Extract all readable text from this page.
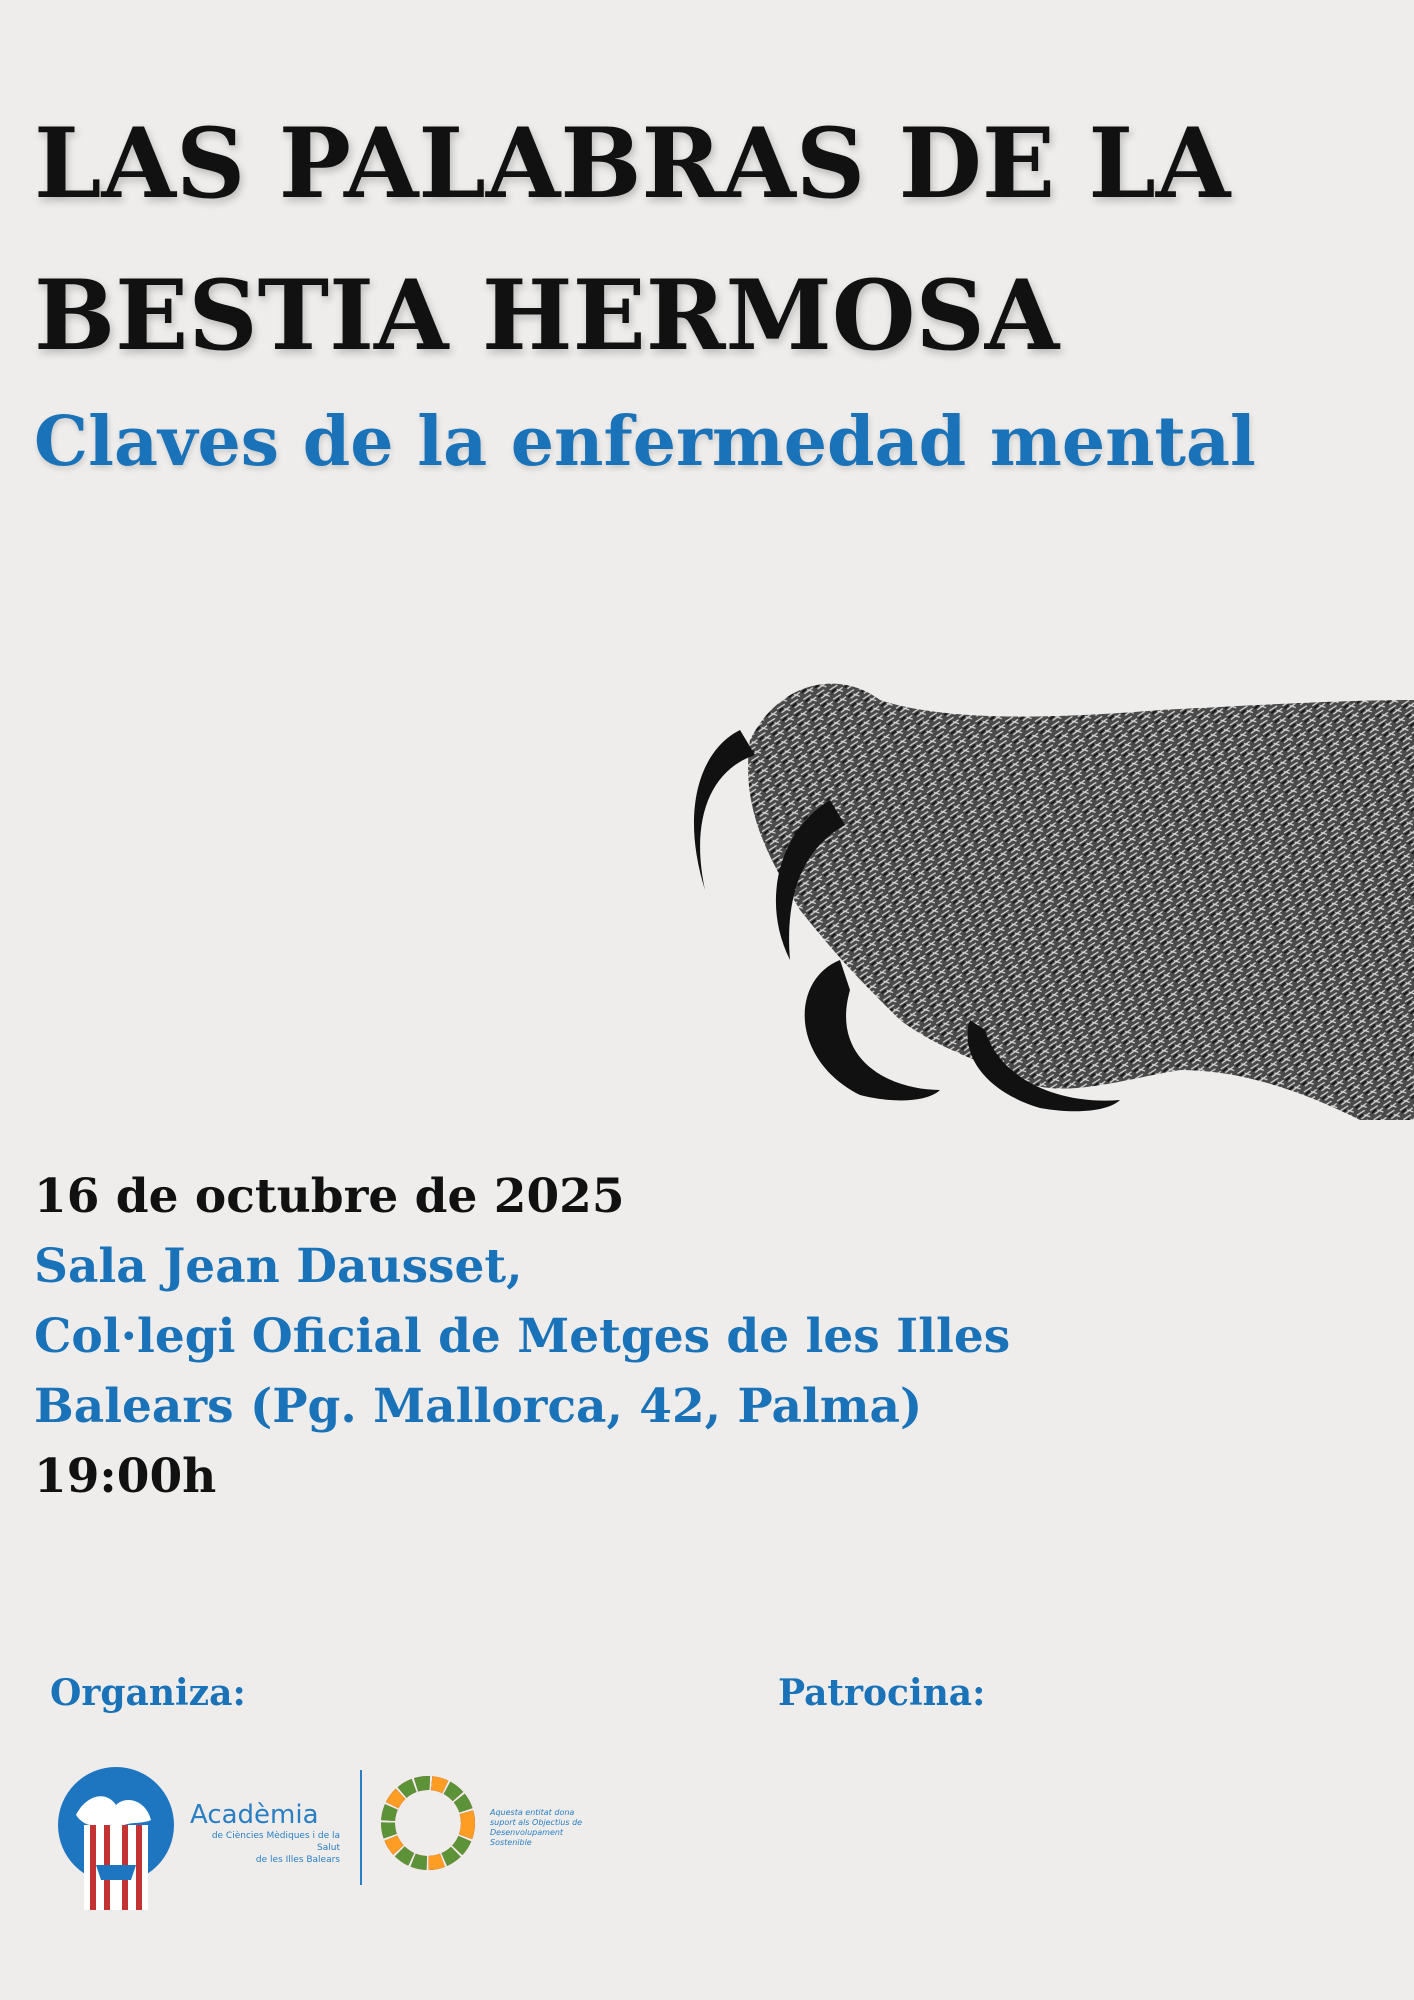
LAS PALABRAS DE LA
BESTIA HERMOSA
Claves de la enfermedad mental
16 de octubre de 2025
Sala Jean Dausset,
Col·legi Oficial de Metges de les Illes
Balears (Pg. Mallorca, 42, Palma)
19:00h
Organiza:	Patrocina:
Acadèmia
de Ciències Mèdiques i de la Salut
de les Illes Balears
Aquesta entitat dona
suport als Objectius de
Desenvolupament
Sostenible
